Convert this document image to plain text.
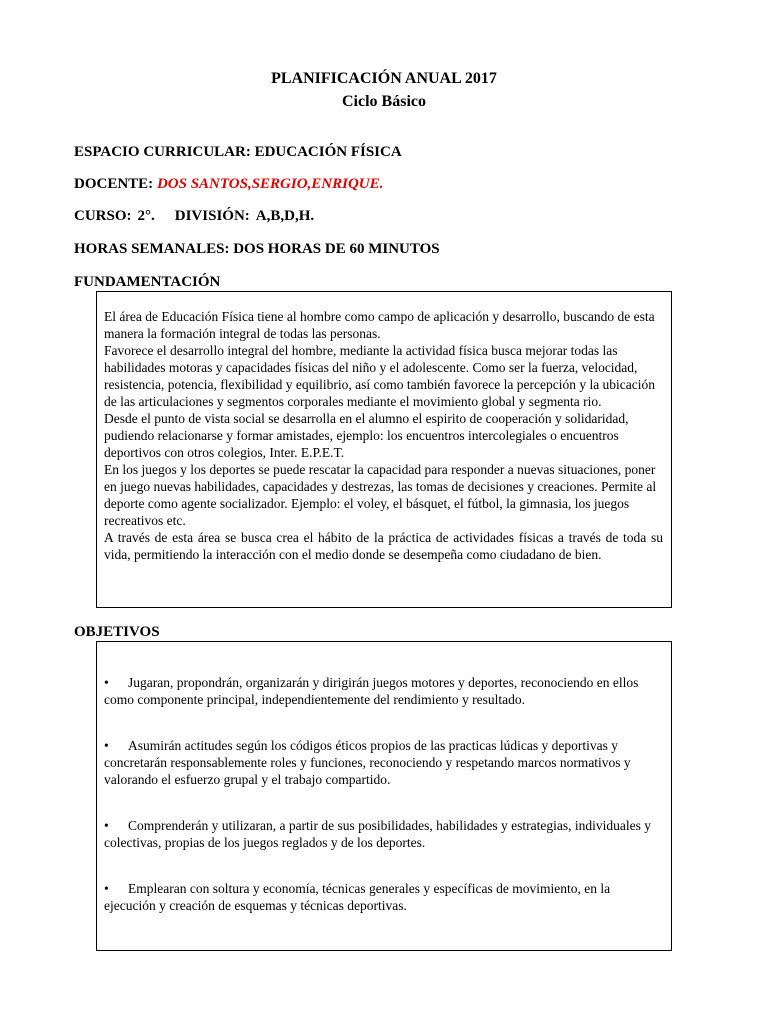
PLANIFICACIÓN ANUAL 2017
Ciclo Básico

ESPACIO CURRICULAR: EDUCACIÓN FÍSICA

DOCENTE: DOS SANTOS,SERGIO,ENRIQUE.

CURSO: 2°. DIVISIÓN: A,B,D,H.

HORAS SEMANALES: DOS HORAS DE 60 MINUTOS

FUNDAMENTACIÓN

El área de Educación Física tiene al hombre como campo de aplicación y desarrollo, buscando de esta manera la formación integral de todas las personas.

Favorece el desarrollo integral del hombre, mediante la actividad física busca mejorar todas las habilidades motoras y capacidades físicas del niño y el adolescente. Como ser la fuerza, velocidad, resistencia, potencia, flexibilidad y equilibrio, así como también favorece la percepción y la ubicación de las articulaciones y segmentos corporales mediante el movimiento global y segmenta rio.

Desde el punto de vista social se desarrolla en el alumno el espirito de cooperación y solidaridad, pudiendo relacionarse y formar amistades, ejemplo: los encuentros intercolegiales o encuentros deportivos con otros colegios, Inter. E.P.E.T.

En los juegos y los deportes se puede rescatar la capacidad para responder a nuevas situaciones, poner en juego nuevas habilidades, capacidades y destrezas, las tomas de decisiones y creaciones. Permite al deporte como agente socializador. Ejemplo: el voley, el básquet, el fútbol, la gimnasia, los juegos recreativos etc.

A través de esta área se busca crea el hábito de la práctica de actividades físicas a través de toda su vida, permitiendo la interacción con el medio donde se desempeña como ciudadano de bien.

OBJETIVOS

• Jugaran, propondrán, organizarán y dirigirán juegos motores y deportes, reconociendo en ellos como componente principal, independientemente del rendimiento y resultado.

• Asumirán actitudes según los códigos éticos propios de las practicas lúdicas y deportivas y concretarán responsablemente roles y funciones, reconociendo y respetando marcos normativos y valorando el esfuerzo grupal y el trabajo compartido.

• Comprenderán y utilizaran, a partir de sus posibilidades, habilidades y estrategias, individuales y colectivas, propias de los juegos reglados y de los deportes.

• Emplearan con soltura y economía, técnicas generales y específicas de movimiento, en la ejecución y creación de esquemas y técnicas deportivas.
